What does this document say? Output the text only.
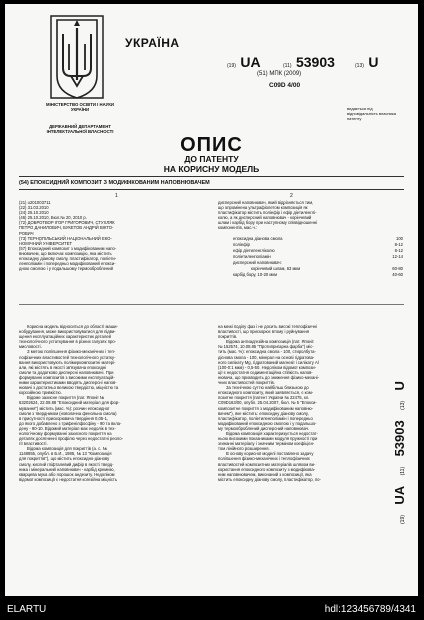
УКРАЇНА
МІНІСТЕРСТВО ОСВІТИ І НАУКИ УКРАЇНИ
ДЕРЖАВНИЙ ДЕПАРТАМЕНТ ІНТЕЛЕКТУАЛЬНОЇ ВЛАСНОСТІ
(19) UA	(11) 53903	(13) U
(51) МПК (2009)
C09D 4/00
видається під відповідальність власника патенту
ОПИС
ДО ПАТЕНТУ
НА КОРИСНУ МОДЕЛЬ
(54) ЕПОКСИДНИЙ КОМПОЗИТ З МОДИФІКОВАНИМ НАПОВНЮВАЧЕМ
1	2
(21) u201003711
(22) 31.03.2010
(24) 25.10.2010
(46) 25.10.2010, Бюл.№ 20, 2010 р.
(72) ДОБРОТВОР ІГОР ГРИГОРОВИЧ, СТУХЛЯК
ПЕТРО ДАНИЛОВИЧ, БУКЕТОВ АНДРІЙ ВІКТО-
РОВИЧ
(73) ТЕРНОПІЛЬСЬКИЙ НАЦІОНАЛЬНИЙ ЕКО-
НОМІЧНИЙ УНІВЕРСИТЕТ
(57) Епоксидний композит з модифікованим напо-
внювачем, що включає композицію, яка містить
епоксидну діанову смолу, пластифікатор, поліети-
ленполіамін і попередньо модифікований епокси-
дною смолою і у подальшому термооброблений
дисперсний наповнювач, який відрізняється тим,
що опромінена ультрафіолетом композиція як
пластифікатор містить поліефір і ефір діетиленглі-
колю, а як дисперсний наповнювач - корінчевий
шлам і карбід бору при наступному співвідношенні
компонентів, мас.ч.:
епоксидна діанова смола	100
поліефір	8-12
ефір діетиленгліколю	8-12
поліетиленполіамін	12-14
дисперсний наповнювач:
корінчевий шлам, 63 мкм	60-80
карбід бору, 10-20 мкм	40-60
Корисна модель відноситься до області маши-
нобудування, може використовуватися для підви-
щення експлуатаційних характеристик деталей
технологічного устаткування в різних галузях про-
мисловості.
З метою поліпшення фізико-механічних і теп-
лофізичних властивостей технологічного устатку-
вання використовують полімеркомпозитні матері-
али, які містять в якості зв'язувача епоксидні
смоли та додатково дисперсні наповнювачі. При
формуванні композитів з високими експлуатацій-
ними характеристиками вводять дисперсні напов-
нювачі з достатньо великою твердістю, міцністю та
корозійною тривкістю.
Відоме захисне покриття (пат. Японії №
63202624, 22.08.88 "Епоксидний матеріал для фор-
мування") містить (мас. %): розчин епоксидної
смоли з твердником (новолачна фенольна смола)
в присутності прискорювача твердіння 0,05-1,
до якого добавлено з трифенілфосфіну - 90 та вкла-
дену - 90-10. Відомий матеріал має недолік в тех-
нологічному формуванні захисного покриття на
деталях досягненні профілю через недостатні реоло-
гії властивості.
Відома композиція для покриттів (а. с. №
1148855, опубл. в Б.И., 1985, № 13 "Композиція
для покриттів"), що містить епоксидно-діанову
смолу, кислий гліфталевий дифір в якості тверд-
ника і мінеральний наповнювач - карбід кремнію,
кварцева мука або порошок андезиту. Недоліком
відомої композиції є недостатня когезійна міцність
на межі поділу фаз і не досить високі теплофізичні
властивості, що прискорює втому і руйнування
покриттів.
Відома антиадгезійна композиція (пат. Японії
№ 152574, 10.08.85 "Протипригарна фарба") міс-
тить (мас. %): епоксидна смола - 100, стиролбута-
дієнова смола - 100, мінерал на основі гідратова-
ного силікату Mg, гідратований магнезії і силікату Al
(100-0:1 мкм) - 0,5-50. Недоліком відомої компози-
ції є недостатня седиментаційна стійкість напов-
нювача, що призводить до зниження фізико-механі-
чних властивостей покриттів.
За технічною суттю найбільш близькою до
епоксидного композиту, який заявляється, є ком-
позитне покриття (патент України № 22475, кл.
C09D163/00, опубл. 25.04.2007, бюл. № 5 "Епокси-
композитне покриття з модифікованим наповню-
вачем"), яке містить: епоксидну діанову смолу,
пластифікатор, поліетиленполіамін і попередньо
модифікований епоксидною смолою і у подальшо-
му термооброблений дисперсний наповнювач.
Відома композиція характеризується недостат-
ньою високими показниками модуля пружності при
згинанні матеріалу і значним терміном коефіцієн-
том лінійного розширення.
В основу корисної моделі поставлено задачу
поліпшення фізико-механічних і теплофізичних
властивостей композитних матеріалів шляхом ви-
користання епоксидного композиту з модифікова-
ним наповнювачем, виконаний з композиції, яка
містить епоксидну діанову смолу, пластифікатор, по-
(19) UA (11) 53903 (13) U
ELARTU	hdl:123456789/4341
